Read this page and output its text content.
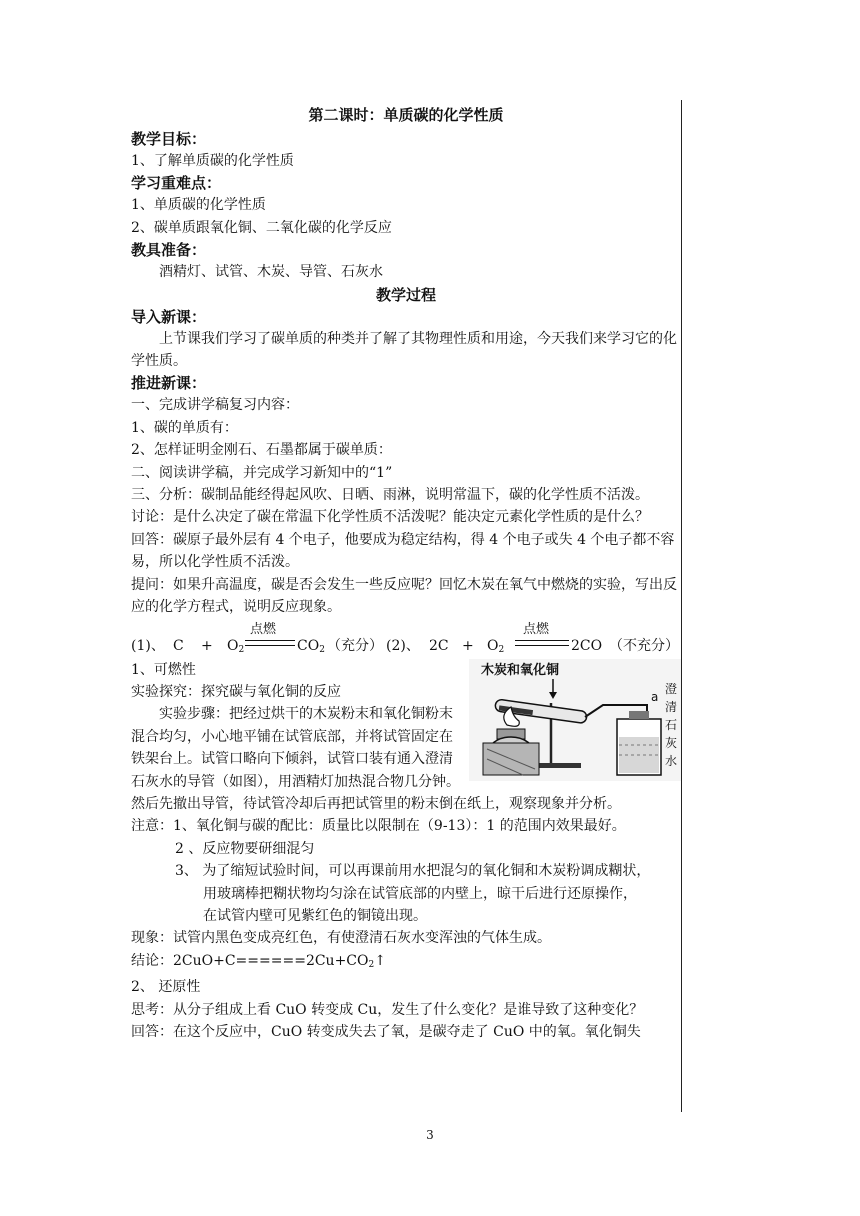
第二课时：单质碳的化学性质

教学目标：

1、了解单质碳的化学性质

学习重难点：

1、单质碳的化学性质

2、碳单质跟氧化铜、二氧化碳的化学反应

教具准备：

酒精灯、试管、木炭、导管、石灰水

教学过程

导入新课：

上节课我们学习了碳单质的种类并了解了其物理性质和用途，今天我们来学习它的化学性质。

推进新课：

一、完成讲学稿复习内容：

1、碳的单质有：

2、怎样证明金刚石、石墨都属于碳单质：

二、阅读讲学稿，并完成学习新知中的“1”

三、分析：碳制品能经得起风吹、日晒、雨淋，说明常温下，碳的化学性质不活泼。

讨论：是什么决定了碳在常温下化学性质不活泼呢？能决定元素化学性质的是什么？

回答：碳原子最外层有 4 个电子，他要成为稳定结构，得 4 个电子或失 4 个电子都不容易，所以化学性质不活泼。

提问：如果升高温度，碳是否会发生一些反应呢？回忆木炭在氧气中燃烧的实验，写出反应的化学方程式，说明反应现象。

(1)、 $C + O_2$
点燃
$CO_2$ （充分） (2)、 $2C + O_2$
点燃
2CO （不充分）
木炭和氧化铜
a
澄
清
石
灰
水

1、可燃性

实验探究：探究碳与氧化铜的反应

实验步骤：把经过烘干的木炭粉末和氧化铜粉末混合均匀，小心地平铺在试管底部，并将试管固定在铁架台上。试管口略向下倾斜，试管口装有通入澄清石灰水的导管（如图），用酒精灯加热混合物几分钟。然后先撤出导管，待试管冷却后再把试管里的粉末倒在纸上，观察现象并分析。

注意：1、氧化铜与碳的配比：质量比以限制在（9-13）：1 的范围内效果最好。

2 、反应物要研细混匀

3、 为了缩短试验时间，可以再课前用水把混匀的氧化铜和木炭粉调成糊状，
用玻璃棒把糊状物均匀涂在试管底部的内壁上，晾干后进行还原操作，
在试管内壁可见紫红色的铜镜出现。

现象：试管内黑色变成亮红色，有使澄清石灰水变浑浊的气体生成。

结论：$2CuO+C======2Cu+CO_2↑$

2、 还原性

思考：从分子组成上看 CuO 转变成 Cu，发生了什么变化？是谁导致了这种变化？

回答：在这个反应中，CuO 转变成失去了氧，是碳夺走了 CuO 中的氧。氧化铜失

3
